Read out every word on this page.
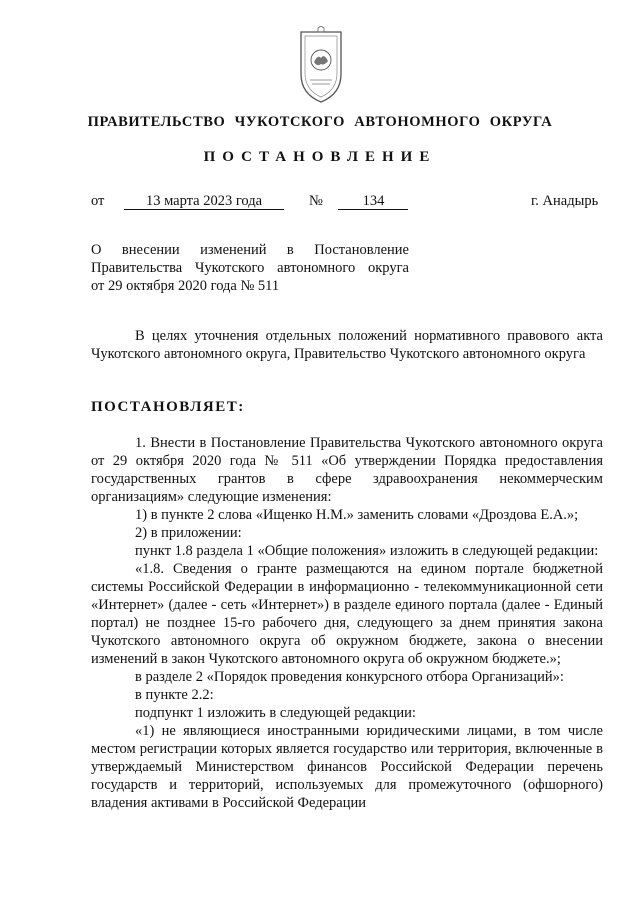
ПРАВИТЕЛЬСТВО ЧУКОТСКОГО АВТОНОМНОГО ОКРУГА
ПОСТАНОВЛЕНИЕ
от	13 марта 2023 года	№	134	г. Анадырь

О внесении изменений в Постановление

Правительства Чукотского автономного округа

от 29 октября 2020 года № 511

В целях уточнения отдельных положений нормативного правового акта Чукотского автономного округа, Правительство Чукотского автономного округа

ПОСТАНОВЛЯЕТ:

1. Внести в Постановление Правительства Чукотского автономного округа от 29 октября 2020 года № 511 «Об утверждении Порядка предоставления государственных грантов в сфере здравоохранения некоммерческим организациям» следующие изменения:

1) в пункте 2 слова «Ищенко Н.М.» заменить словами «Дроздова Е.А.»;

2) в приложении:

пункт 1.8 раздела 1 «Общие положения» изложить в следующей редакции:

«1.8. Сведения о гранте размещаются на едином портале бюджетной системы Российской Федерации в информационно - телекоммуникационной сети «Интернет» (далее - сеть «Интернет») в разделе единого портала (далее - Единый портал) не позднее 15-го рабочего дня, следующего за днем принятия закона Чукотского автономного округа об окружном бюджете, закона о внесении изменений в закон Чукотского автономного округа об окружном бюджете.»;

в разделе 2 «Порядок проведения конкурсного отбора Организаций»:

в пункте 2.2:

подпункт 1 изложить в следующей редакции:

«1) не являющиеся иностранными юридическими лицами, в том числе местом регистрации которых является государство или территория, включенные в утверждаемый Министерством финансов Российской Федерации перечень государств и территорий, используемых для промежуточного (офшорного) владения активами в Российской Федерации
